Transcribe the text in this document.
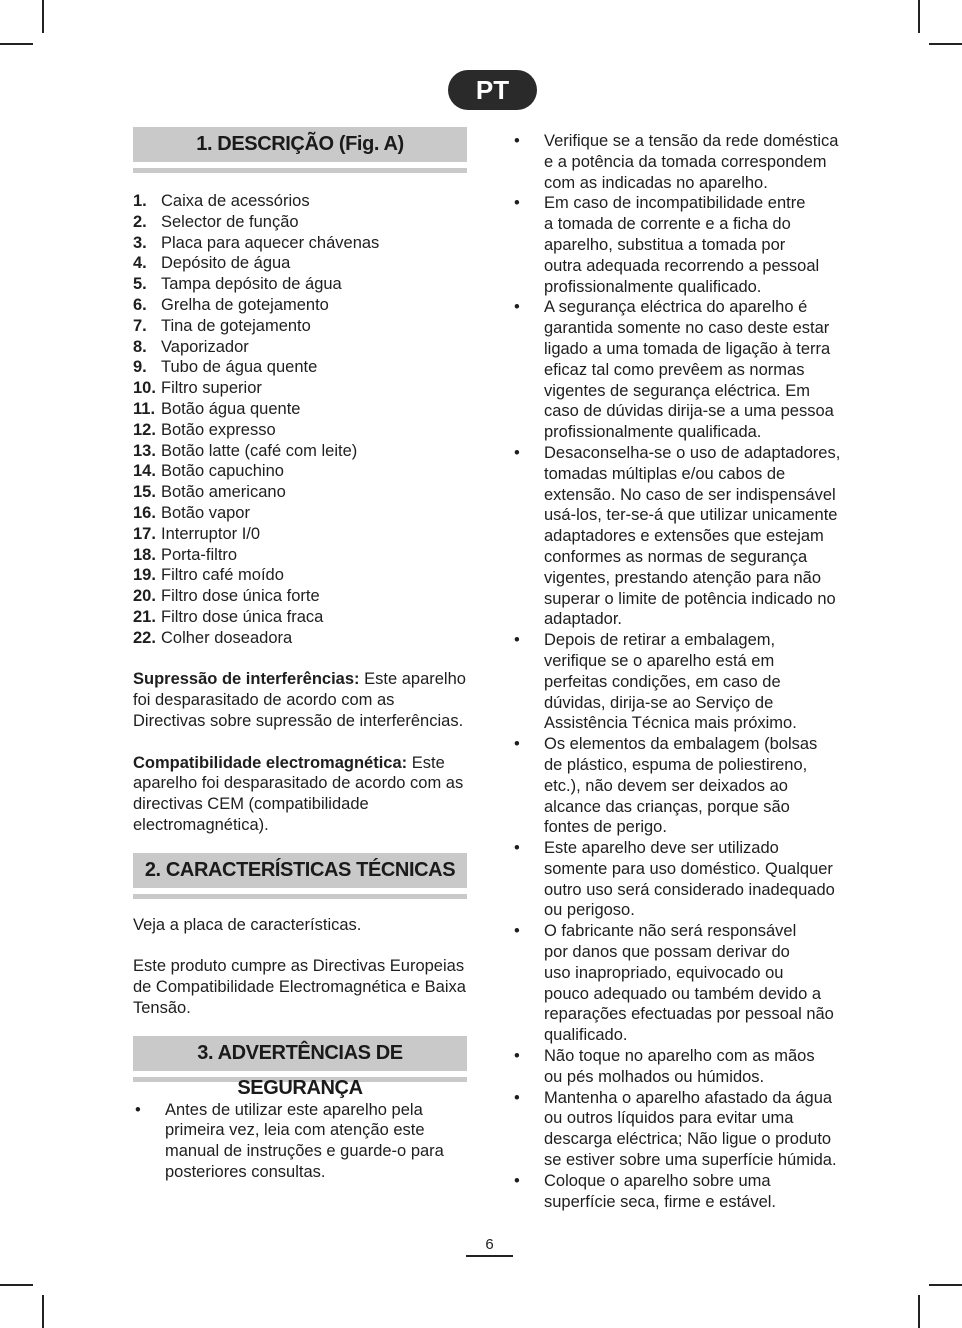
PT
1. DESCRIÇÃO (Fig. A)
1. Caixa de acessórios
2. Selector de função
3. Placa para aquecer chávenas
4. Depósito de água
5. Tampa depósito de água
6. Grelha de gotejamento
7. Tina de gotejamento
8. Vaporizador
9. Tubo de água quente
10. Filtro superior
11. Botão água quente
12. Botão expresso
13. Botão latte (café com leite)
14. Botão capuchino
15. Botão americano
16. Botão vapor
17. Interruptor I/0
18. Porta-filtro
19. Filtro café moído
20. Filtro dose única forte
21. Filtro dose única fraca
22. Colher doseadora
Supressão de interferências: Este aparelho foi desparasitado de acordo com as Directivas sobre supressão de interferências.
Compatibilidade electromagnética: Este aparelho foi desparasitado de acordo com as directivas CEM (compatibilidade electromagnética).
2. CARACTERÍSTICAS TÉCNICAS
Veja a placa de características.
Este produto cumpre as Directivas Europeias de Compatibilidade Electromagnética e Baixa Tensão.
3. ADVERTÊNCIAS DE SEGURANÇA
•	Antes de utilizar este aparelho pela
primeira vez, leia com atenção este
manual de instruções e guarde-o para
posteriores consultas.
•	Verifique se a tensão da rede doméstica
e a potência da tomada correspondem
com as indicadas no aparelho.
•	Em caso de incompatibilidade entre
a tomada de corrente e a ficha do
aparelho, substitua a tomada por
outra adequada recorrendo a pessoal
profissionalmente qualificado.
•	A segurança eléctrica do aparelho é
garantida somente no caso deste estar
ligado a uma tomada de ligação à terra
eficaz tal como prevêem as normas
vigentes de segurança eléctrica. Em
caso de dúvidas dirija-se a uma pessoa
profissionalmente qualificada.
•	Desaconselha-se o uso de adaptadores,
tomadas múltiplas e/ou cabos de
extensão. No caso de ser indispensável
usá-los, ter-se-á que utilizar unicamente
adaptadores e extensões que estejam
conformes as normas de segurança
vigentes, prestando atenção para não
superar o limite de potência indicado no
adaptador.
•	Depois de retirar a embalagem,
verifique se o aparelho está em
perfeitas condições, em caso de
dúvidas, dirija-se ao Serviço de
Assistência Técnica mais próximo.
•	Os elementos da embalagem (bolsas
de plástico, espuma de poliestireno,
etc.), não devem ser deixados ao
alcance das crianças, porque são
fontes de perigo.
•	Este aparelho deve ser utilizado
somente para uso doméstico. Qualquer
outro uso será considerado inadequado
ou perigoso.
•	O fabricante não será responsável
por danos que possam derivar do
uso inapropriado, equivocado ou
pouco adequado ou também devido a
reparações efectuadas por pessoal não
qualificado.
•	Não toque no aparelho com as mãos
ou pés molhados ou húmidos.
•	Mantenha o aparelho afastado da água
ou outros líquidos para evitar uma
descarga eléctrica; Não ligue o produto
se estiver sobre uma superfície húmida.
•	Coloque o aparelho sobre uma
superfície seca, firme e estável.
6
